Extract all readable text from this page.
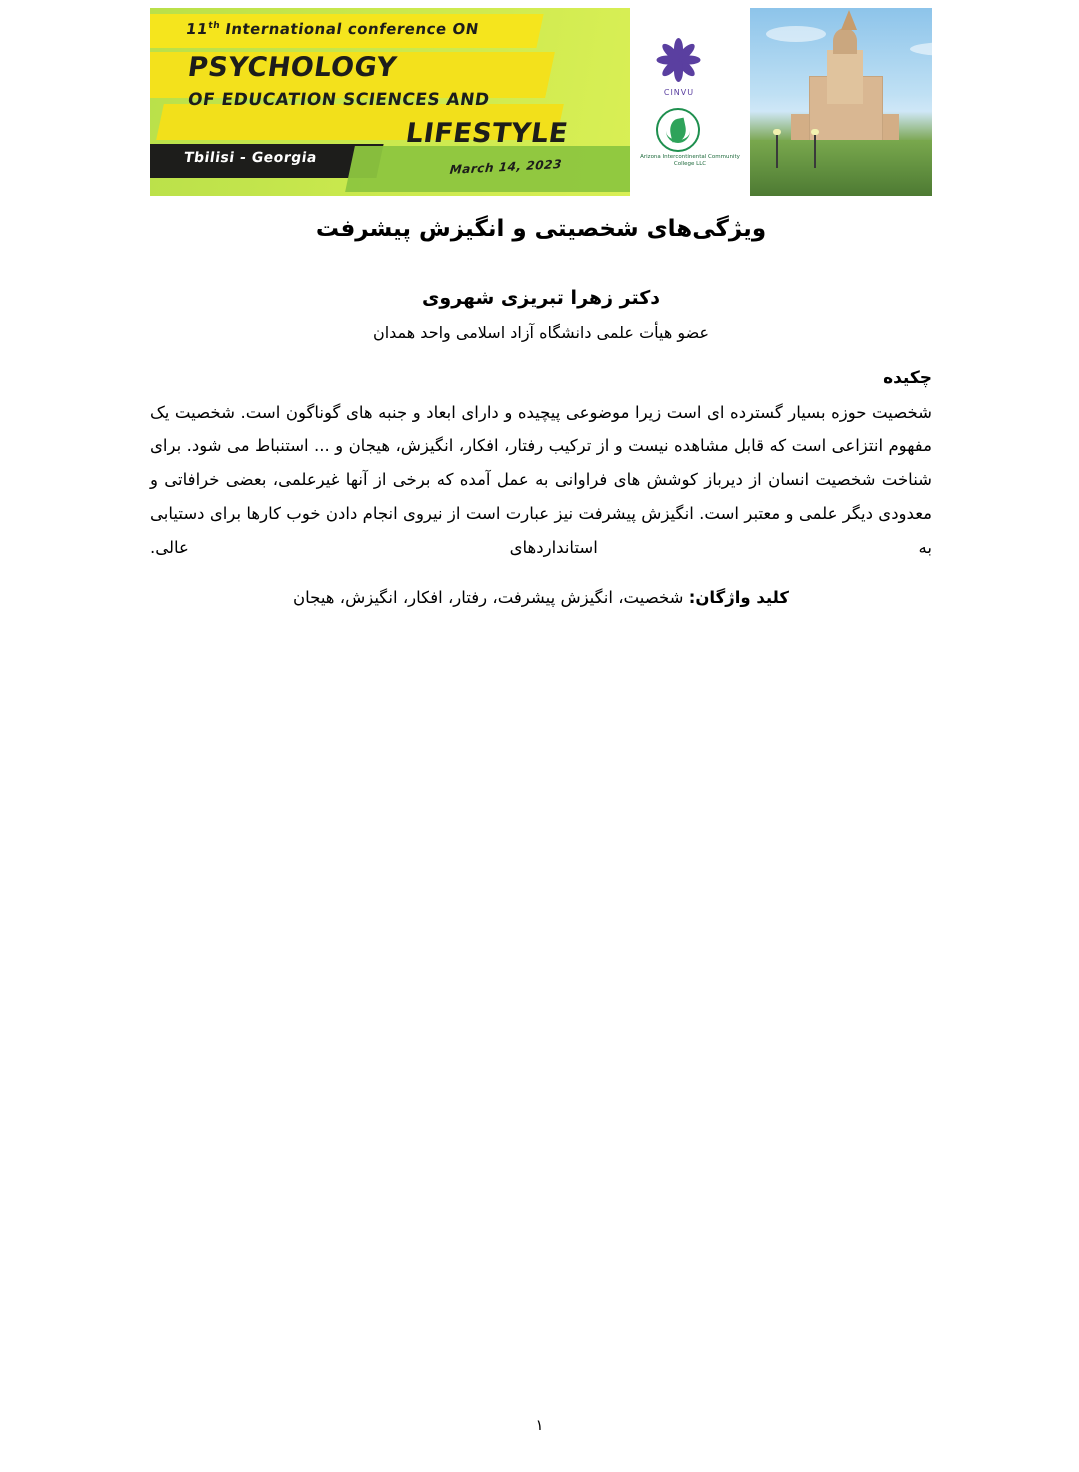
11th International conference ON
PSYCHOLOGY
OF EDUCATION SCIENCES AND
LIFESTYLE
Tbilisi - Georgia	March 14, 2023
CINVU
Arizona Intercontinental Community College LLC
ویژگی‌های شخصیتی و انگیزش پیشرفت
دکتر زهرا تبریزی شهروی
عضو هیأت علمی دانشگاه آزاد اسلامی واحد همدان
چکیده

شخصیت حوزه بسیار گسترده ای است زیرا موضوعی پیچیده و دارای ابعاد و جنبه های گوناگون است. شخصیت یک مفهوم انتزاعی است که قابل مشاهده نیست و از ترکیب رفتار، افکار، انگیزش، هیجان و ... استنباط می شود. برای شناخت شخصیت انسان از دیرباز کوشش های فراوانی به عمل آمده که برخی از آنها غیرعلمی، بعضی خرافاتی و معدودی دیگر علمی و معتبر است. انگیزش پیشرفت نیز عبارت است از نیروی انجام دادن خوب کارها برای دستیابی به استانداردهای عالی.

کلید واژگان: شخصیت، انگیزش پیشرفت، رفتار، افکار، انگیزش، هیجان
١
